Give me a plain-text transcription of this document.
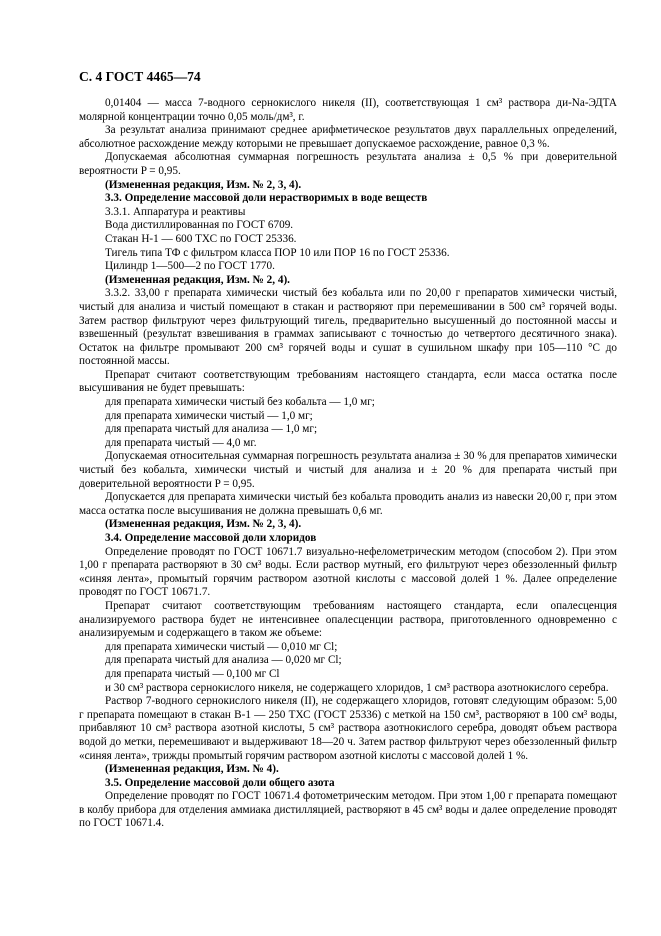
С. 4 ГОСТ 4465—74

0,01404 — масса 7-водного сернокислого никеля (II), соответствующая 1 см³ раствора ди-Na-ЭДТА молярной концентрации точно 0,05 моль/дм³, г.

За результат анализа принимают среднее арифметическое результатов двух параллельных определений, абсолютное расхождение между которыми не превышает допускаемое расхождение, равное 0,3 %.

Допускаемая абсолютная суммарная погрешность результата анализа ± 0,5 % при доверительной вероятности P = 0,95.

(Измененная редакция, Изм. № 2, 3, 4).

3.3. Определение массовой доли нерастворимых в воде веществ

3.3.1. Аппаратура и реактивы

Вода дистиллированная по ГОСТ 6709.

Стакан Н-1 — 600 ТХС по ГОСТ 25336.

Тигель типа ТФ с фильтром класса ПОР 10 или ПОР 16 по ГОСТ 25336.

Цилиндр 1—500—2 по ГОСТ 1770.

(Измененная редакция, Изм. № 2, 4).

3.3.2. 33,00 г препарата химически чистый без кобальта или по 20,00 г препаратов химически чистый, чистый для анализа и чистый помещают в стакан и растворяют при перемешивании в 500 см³ горячей воды. Затем раствор фильтруют через фильтрующий тигель, предварительно высушенный до постоянной массы и взвешенный (результат взвешивания в граммах записывают с точностью до четвертого десятичного знака). Остаток на фильтре промывают 200 см³ горячей воды и сушат в сушильном шкафу при 105—110 °С до постоянной массы.

Препарат считают соответствующим требованиям настоящего стандарта, если масса остатка после высушивания не будет превышать:

для препарата химически чистый без кобальта — 1,0 мг;

для препарата химически чистый — 1,0 мг;

для препарата чистый для анализа — 1,0 мг;

для препарата чистый — 4,0 мг.

Допускаемая относительная суммарная погрешность результата анализа ± 30 % для препаратов химически чистый без кобальта, химически чистый и чистый для анализа и ± 20 % для препарата чистый при доверительной вероятности P = 0,95.

Допускается для препарата химически чистый без кобальта проводить анализ из навески 20,00 г, при этом масса остатка после высушивания не должна превышать 0,6 мг.

(Измененная редакция, Изм. № 2, 3, 4).

3.4. Определение массовой доли хлоридов

Определение проводят по ГОСТ 10671.7 визуально-нефелометрическим методом (способом 2). При этом 1,00 г препарата растворяют в 30 см³ воды. Если раствор мутный, его фильтруют через обеззоленный фильтр «синяя лента», промытый горячим раствором азотной кислоты с массовой долей 1 %. Далее определение проводят по ГОСТ 10671.7.

Препарат считают соответствующим требованиям настоящего стандарта, если опалесценция анализируемого раствора будет не интенсивнее опалесценции раствора, приготовленного одновременно с анализируемым и содержащего в таком же объеме:

для препарата химически чистый — 0,010 мг Cl;

для препарата чистый для анализа — 0,020 мг Cl;

для препарата чистый — 0,100 мг Cl

и 30 см³ раствора сернокислого никеля, не содержащего хлоридов, 1 см³ раствора азотнокислого серебра.

Раствор 7-водного сернокислого никеля (II), не содержащего хлоридов, готовят следующим образом: 5,00 г препарата помещают в стакан В-1 — 250 ТХС (ГОСТ 25336) с меткой на 150 см³, растворяют в 100 см³ воды, прибавляют 10 см³ раствора азотной кислоты, 5 см³ раствора азотнокислого серебра, доводят объем раствора водой до метки, перемешивают и выдерживают 18—20 ч. Затем раствор фильтруют через обеззоленный фильтр «синяя лента», трижды промытый горячим раствором азотной кислоты с массовой долей 1 %.

(Измененная редакция, Изм. № 4).

3.5. Определение массовой доли общего азота

Определение проводят по ГОСТ 10671.4 фотометрическим методом. При этом 1,00 г препарата помещают в колбу прибора для отделения аммиака дистилляцией, растворяют в 45 см³ воды и далее определение проводят по ГОСТ 10671.4.
